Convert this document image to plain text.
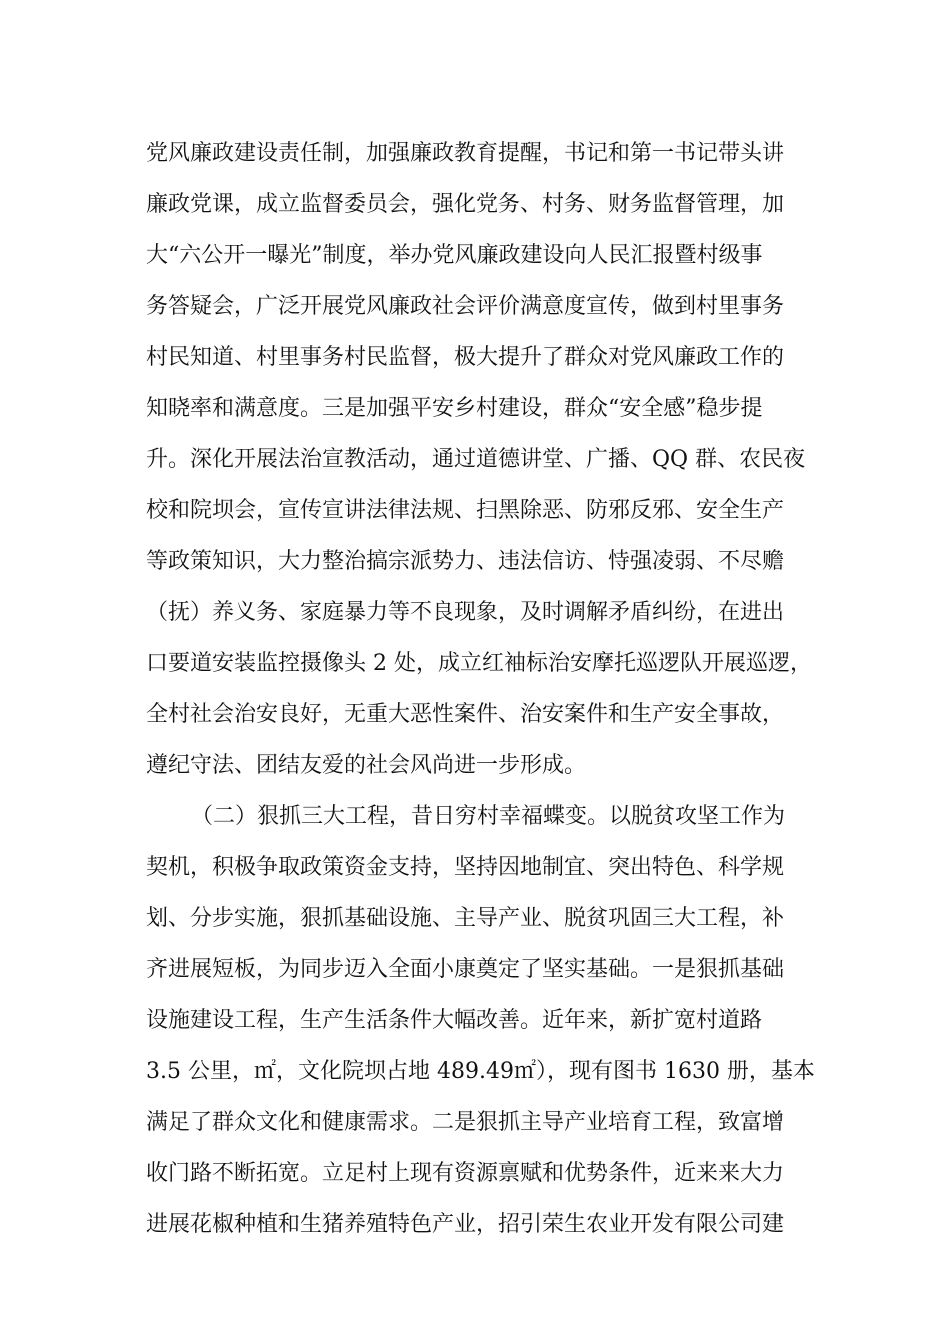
党风廉政建设责任制，加强廉政教育提醒，书记和第一书记带头讲
廉政党课，成立监督委员会，强化党务、村务、财务监督管理，加
大“六公开一曝光”制度，举办党风廉政建设向人民汇报暨村级事
务答疑会，广泛开展党风廉政社会评价满意度宣传，做到村里事务
村民知道、村里事务村民监督，极大提升了群众对党风廉政工作的
知晓率和满意度。三是加强平安乡村建设，群众“安全感”稳步提
升。深化开展法治宣教活动，通过道德讲堂、广播、QQ 群、农民夜
校和院坝会，宣传宣讲法律法规、扫黑除恶、防邪反邪、安全生产
等政策知识，大力整治搞宗派势力、违法信访、恃强凌弱、不尽赡
（抚）养义务、家庭暴力等不良现象，及时调解矛盾纠纷，在进出
口要道安装监控摄像头 2 处，成立红袖标治安摩托巡逻队开展巡逻，
全村社会治安良好，无重大恶性案件、治安案件和生产安全事故，
遵纪守法、团结友爱的社会风尚进一步形成。
（二）狠抓三大工程，昔日穷村幸福蝶变。以脱贫攻坚工作为
契机，积极争取政策资金支持，坚持因地制宜、突出特色、科学规
划、分步实施，狠抓基础设施、主导产业、脱贫巩固三大工程，补
齐进展短板，为同步迈入全面小康奠定了坚实基础。一是狠抓基础
设施建设工程，生产生活条件大幅改善。近年来，新扩宽村道路
3.5 公里，㎡，文化院坝占地 489.49㎡），现有图书 1630 册，基本
满足了群众文化和健康需求。二是狠抓主导产业培育工程，致富增
收门路不断拓宽。立足村上现有资源禀赋和优势条件，近来来大力
进展花椒种植和生猪养殖特色产业，招引荣生农业开发有限公司建
